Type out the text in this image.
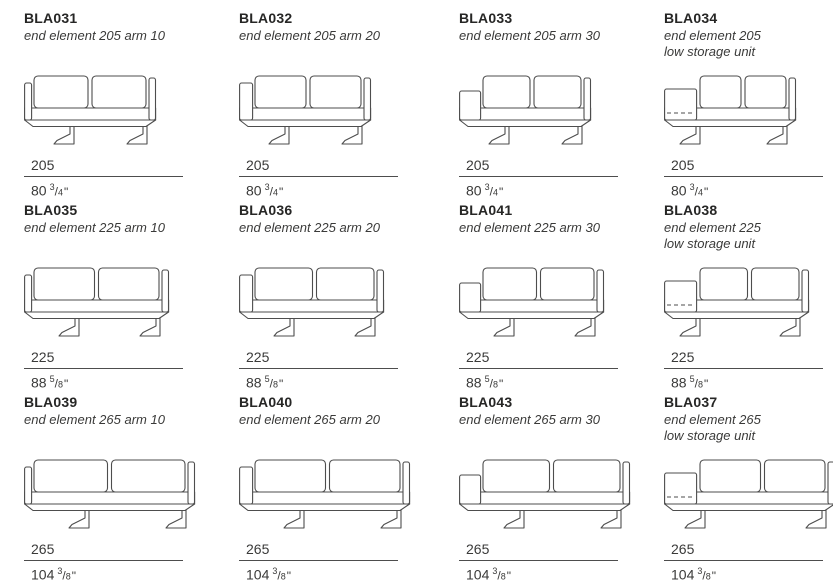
BLA031

end element 205 arm 10

205
80 $^3$/4"
BLA032

end element 205 arm 20

205
80 $^3$/4"
BLA033

end element 205 arm 30

205
80 $^3$/4"
BLA034

end element 205
low storage unit

205
80 $^3$/4"
BLA035

end element 225 arm 10

225
88 $^5$/8"
BLA036

end element 225 arm 20

225
88 $^5$/8"
BLA041

end element 225 arm 30

225
88 $^5$/8"
BLA038

end element 225
low storage unit

225
88 $^5$/8"
BLA039

end element 265 arm 10

265
104 $^3$/8"
BLA040

end element 265 arm 20

265
104 $^3$/8"
BLA043

end element 265 arm 30

265
104 $^3$/8"
BLA037

end element 265
low storage unit

265
104 $^3$/8"
